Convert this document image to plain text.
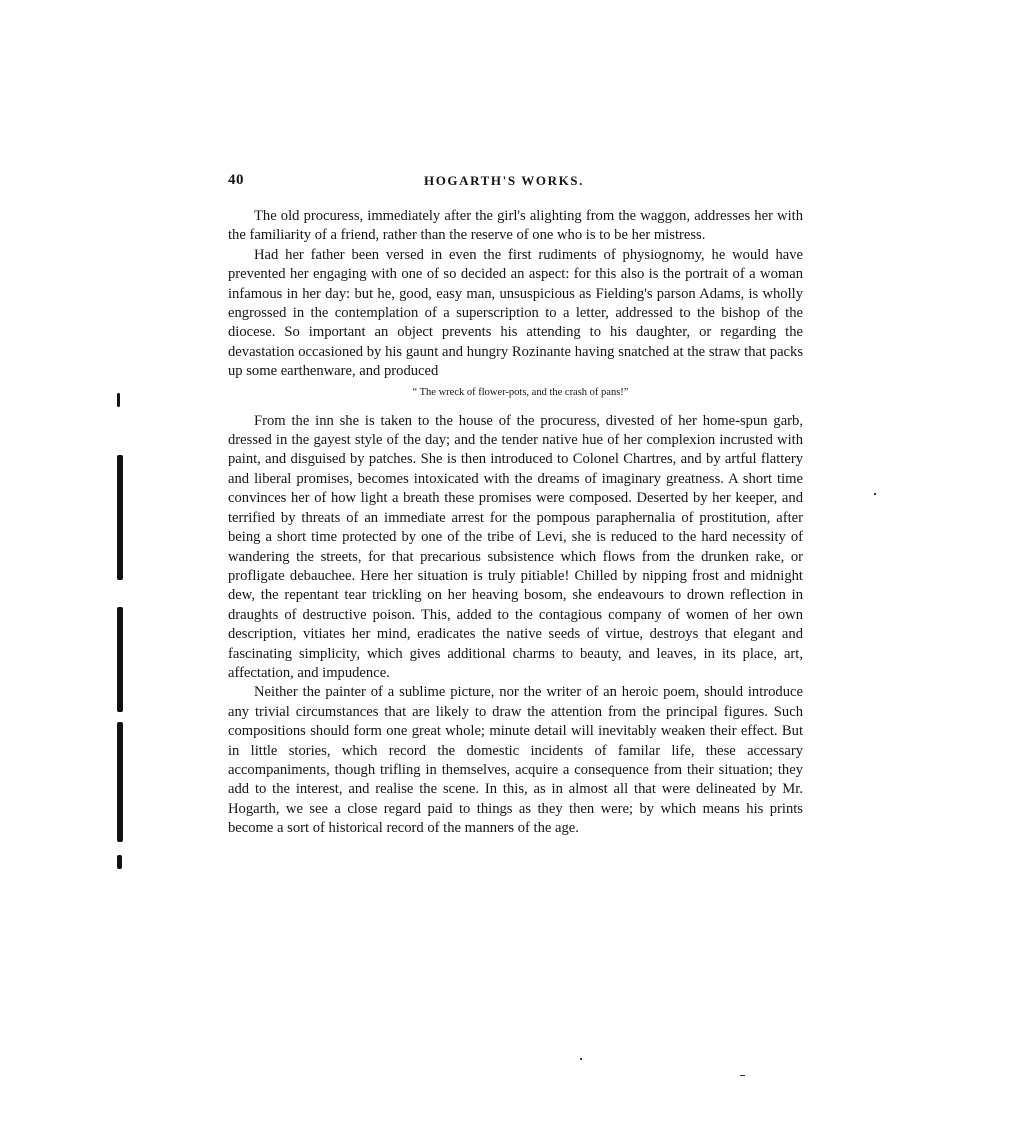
40	HOGARTH'S WORKS.

The old procuress, immediately after the girl's alighting from the waggon, addresses her with the familiarity of a friend, rather than the reserve of one who is to be her mistress.

Had her father been versed in even the first rudiments of physiognomy, he would have prevented her engaging with one of so decided an aspect: for this also is the portrait of a woman infamous in her day: but he, good, easy man, unsuspicious as Fielding's parson Adams, is wholly engrossed in the contemplation of a superscription to a letter, addressed to the bishop of the diocese. So important an object prevents his attending to his daughter, or regarding the devastation occasioned by his gaunt and hungry Rozinante having snatched at the straw that packs up some earthenware, and produced

“ The wreck of flower-pots, and the crash of pans!”

From the inn she is taken to the house of the procuress, divested of her home-spun garb, dressed in the gayest style of the day; and the tender native hue of her complexion incrusted with paint, and disguised by patches. She is then introduced to Colonel Chartres, and by artful flattery and liberal promises, becomes intoxicated with the dreams of imaginary greatness. A short time convinces her of how light a breath these promises were composed. Deserted by her keeper, and terrified by threats of an immediate arrest for the pompous paraphernalia of prostitution, after being a short time protected by one of the tribe of Levi, she is reduced to the hard necessity of wandering the streets, for that precarious subsistence which flows from the drunken rake, or profligate debauchee. Here her situation is truly pitiable! Chilled by nipping frost and midnight dew, the repentant tear trickling on her heaving bosom, she endeavours to drown reflection in draughts of destructive poison. This, added to the contagious company of women of her own description, vitiates her mind, eradicates the native seeds of virtue, destroys that elegant and fascinating simplicity, which gives additional charms to beauty, and leaves, in its place, art, affectation, and impudence.

Neither the painter of a sublime picture, nor the writer of an heroic poem, should introduce any trivial circumstances that are likely to draw the attention from the principal figures. Such compositions should form one great whole; minute detail will inevitably weaken their effect. But in little stories, which record the domestic incidents of familar life, these accessary accompaniments, though trifling in themselves, acquire a consequence from their situation; they add to the interest, and realise the scene. In this, as in almost all that were delineated by Mr. Hogarth, we see a close regard paid to things as they then were; by which means his prints become a sort of historical record of the manners of the age.
